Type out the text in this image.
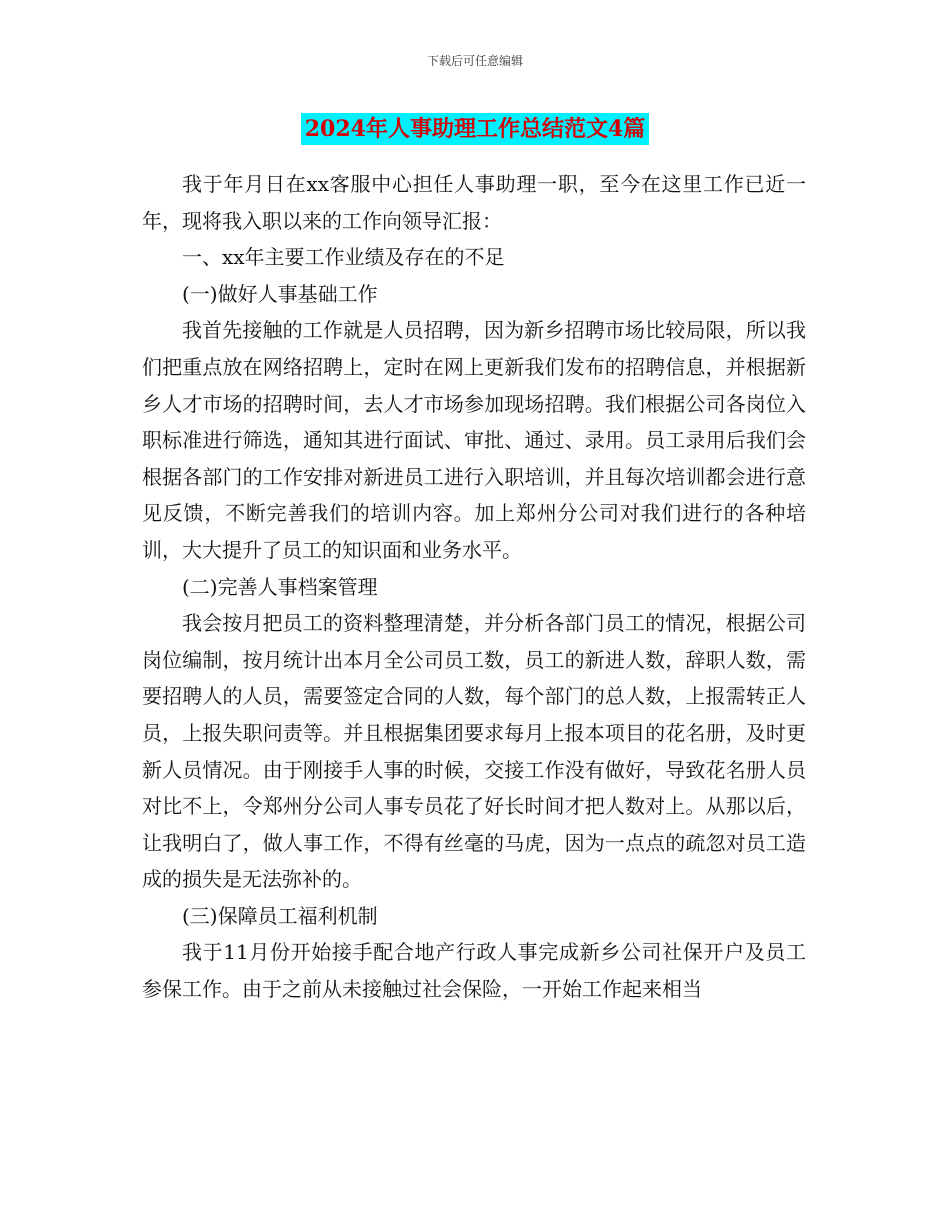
下载后可任意编辑
2024年人事助理工作总结范文4篇

我于年月日在xx客服中心担任人事助理一职，至今在这里工作已近一年，现将我入职以来的工作向领导汇报：

一、xx年主要工作业绩及存在的不足

(一)做好人事基础工作

我首先接触的工作就是人员招聘，因为新乡招聘市场比较局限，所以我们把重点放在网络招聘上，定时在网上更新我们发布的招聘信息，并根据新乡人才市场的招聘时间，去人才市场参加现场招聘。我们根据公司各岗位入职标准进行筛选，通知其进行面试、审批、通过、录用。员工录用后我们会根据各部门的工作安排对新进员工进行入职培训，并且每次培训都会进行意见反馈，不断完善我们的培训内容。加上郑州分公司对我们进行的各种培训，大大提升了员工的知识面和业务水平。

(二)完善人事档案管理

我会按月把员工的资料整理清楚，并分析各部门员工的情况，根据公司岗位编制，按月统计出本月全公司员工数，员工的新进人数，辞职人数，需要招聘人的人员，需要签定合同的人数，每个部门的总人数，上报需转正人员，上报失职问责等。并且根据集团要求每月上报本项目的花名册，及时更新人员情况。由于刚接手人事的时候，交接工作没有做好，导致花名册人员对比不上，令郑州分公司人事专员花了好长时间才把人数对上。从那以后，让我明白了，做人事工作，不得有丝毫的马虎，因为一点点的疏忽对员工造成的损失是无法弥补的。

(三)保障员工福利机制

我于11月份开始接手配合地产行政人事完成新乡公司社保开户及员工参保工作。由于之前从未接触过社会保险，一开始工作起来相当
